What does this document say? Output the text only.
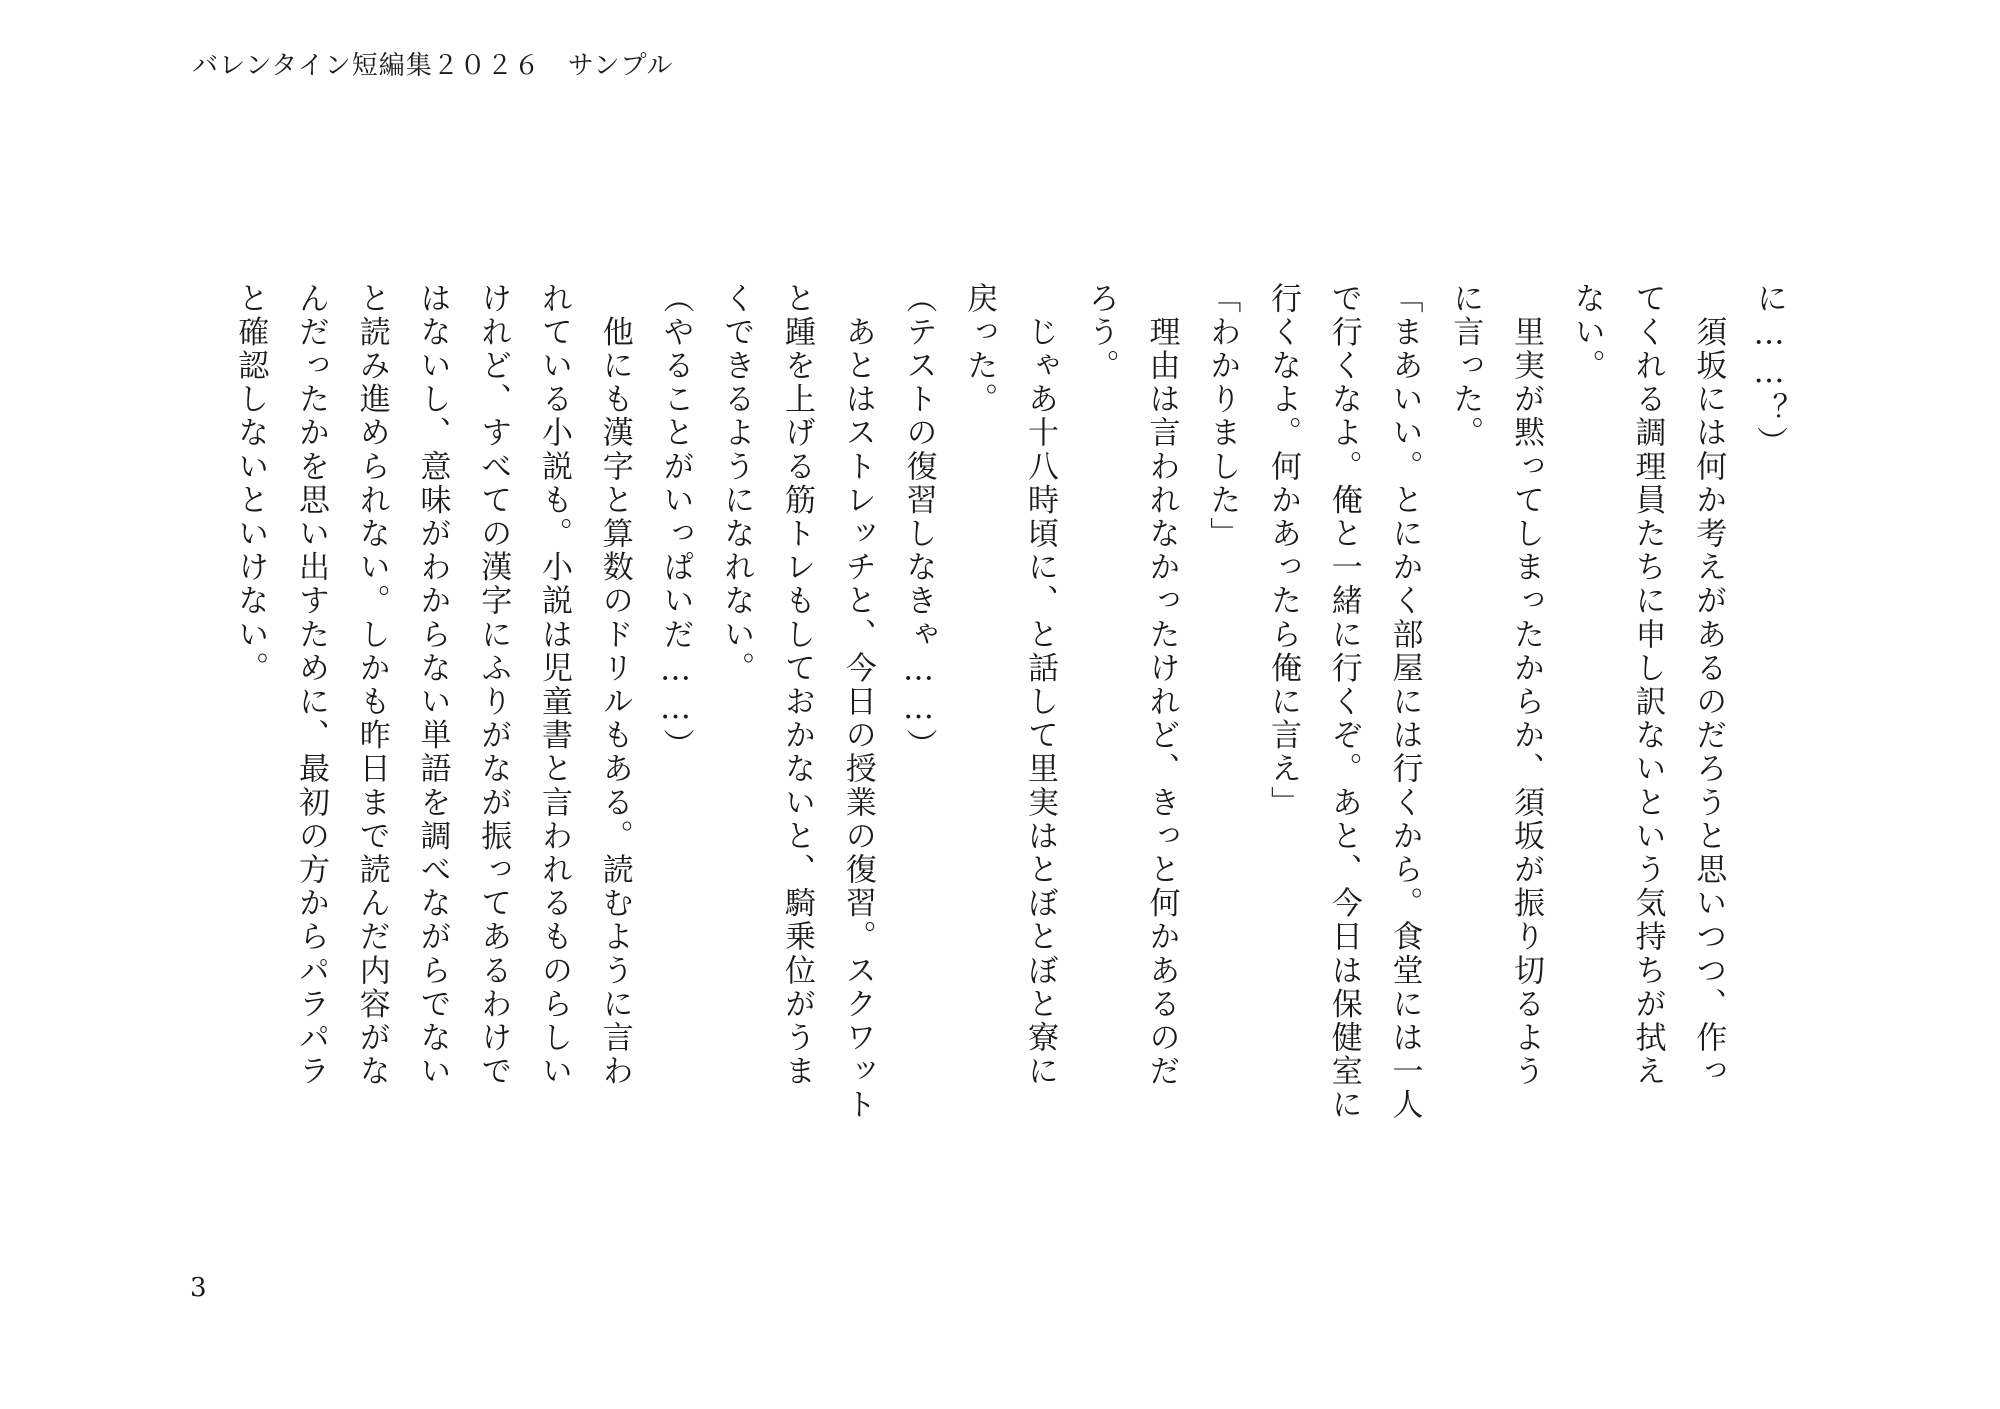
バレンタイン短編集２０２６　サンプル
に……？）
　須坂には何か考えがあるのだろうと思いつつ、作っ
てくれる調理員たちに申し訳ないという気持ちが拭え
ない。
　里実が黙ってしまったからか、須坂が振り切るよう
に言った。
「まあいい。とにかく部屋には行くから。食堂には一人
で行くなよ。俺と一緒に行くぞ。あと、今日は保健室に
行くなよ。何かあったら俺に言え」
「わかりました」
　理由は言われなかったけれど、きっと何かあるのだ
ろう。
　じゃあ十八時頃に、と話して里実はとぼとぼと寮に
戻った。
（テストの復習しなきゃ……）
　あとはストレッチと、今日の授業の復習。スクワット
と踵を上げる筋トレもしておかないと、騎乗位がうま
くできるようになれない。
（やることがいっぱいだ……）
　他にも漢字と算数のドリルもある。読むように言わ
れている小説も。小説は児童書と言われるものらしい
けれど、すべての漢字にふりがなが振ってあるわけで
はないし、意味がわからない単語を調べながらでない
と読み進められない。しかも昨日まで読んだ内容がな
んだったかを思い出すために、最初の方からパラパラ
と確認しないといけない。
3
